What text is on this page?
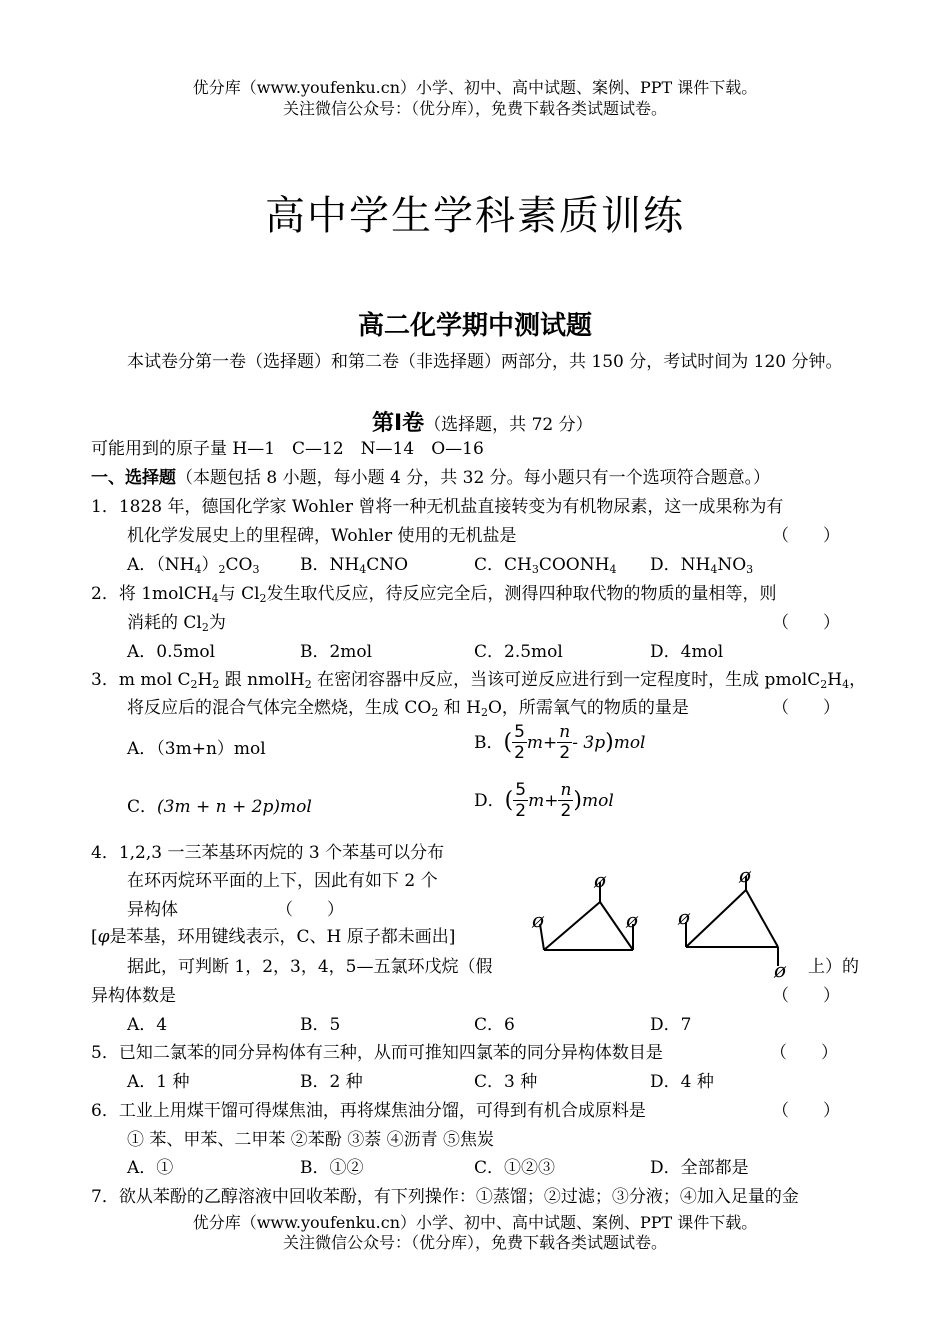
优分库（www.youfenku.cn）小学、初中、高中试题、案例、PPT 课件下载。
关注微信公众号：（优分库），免费下载各类试题试卷。
高中学生学科素质训练
高二化学期中测试题
本试卷分第一卷（选择题）和第二卷（非选择题）两部分，共 150 分，考试时间为 120 分钟。
第Ⅰ卷（选择题，共 72 分）
可能用到的原子量 H—1　C—12　N—14　O—16
一、选择题（本题包括 8 小题，每小题 4 分，共 32 分。每小题只有一个选项符合题意。）
1．1828 年，德国化学家 Wohler 曾将一种无机盐直接转变为有机物尿素，这一成果称为有
机化学发展史上的里程碑，Wohler 使用的无机盐是	（　　）
A．$(NH_4)_2CO_3$ B．$NH_4CNO$	C．$CH_3COONH_4$ D．$NH_4NO_3$
2．将 1molCH$_4$与 $Cl_2$发生取代反应，待反应完全后，测得四种取代物的物质的量相等，则
消耗的 $Cl_2$为	（　　）
A．0.5mol	B．2mol	C．2.5mol	D．4mol
3．m mol $C_2H_2$ 跟 nmolH$_2$ 在密闭容器中反应，当该可逆反应进行到一定程度时，生成 $pmolC_2H_4$，
将反应后的混合气体完全燃烧，生成 $CO_2$ 和 $H_2O$，所需氧气的物质的量是	（　　）
A．（3m+n）mol	B． ( $\frac{5}{2}$ $m + \frac{n}{2} - 3p$ ) mol
C． (3m + n + 2p)mol	D． ( $\frac{5}{2}$ $m + \frac{n}{2}$ ) mol
4．1,2,3 一三苯基环丙烷的 3 个苯基可以分布
在环丙烷环平面的上下，因此有如下 2 个
异构体	（　　）
[φ是苯基，环用键线表示，C、H 原子都未画出]
据此，可判断 1，2，3，4，5—五氯环戊烷（假	上）的
异构体数是	（　　）
A．4	B．5	C．6	D．7
ø
ø	ø
ø
ø
ø
5．已知二氯苯的同分异构体有三种，从而可推知四氯苯的同分异构体数目是	（　　）
A．1 种	B．2 种	C．3 种	D．4 种
6．工业上用煤干馏可得煤焦油，再将煤焦油分馏，可得到有机合成原料是	（　　）
① 苯、甲苯、二甲苯 ②苯酚 ③萘 ④沥青 ⑤焦炭
A．①	B．①②	C．①②③	D．全部都是
7．欲从苯酚的乙醇溶液中回收苯酚，有下列操作：①蒸馏；②过滤；③分液；④加入足量的金
优分库（www.youfenku.cn）小学、初中、高中试题、案例、PPT 课件下载。
关注微信公众号：（优分库），免费下载各类试题试卷。
